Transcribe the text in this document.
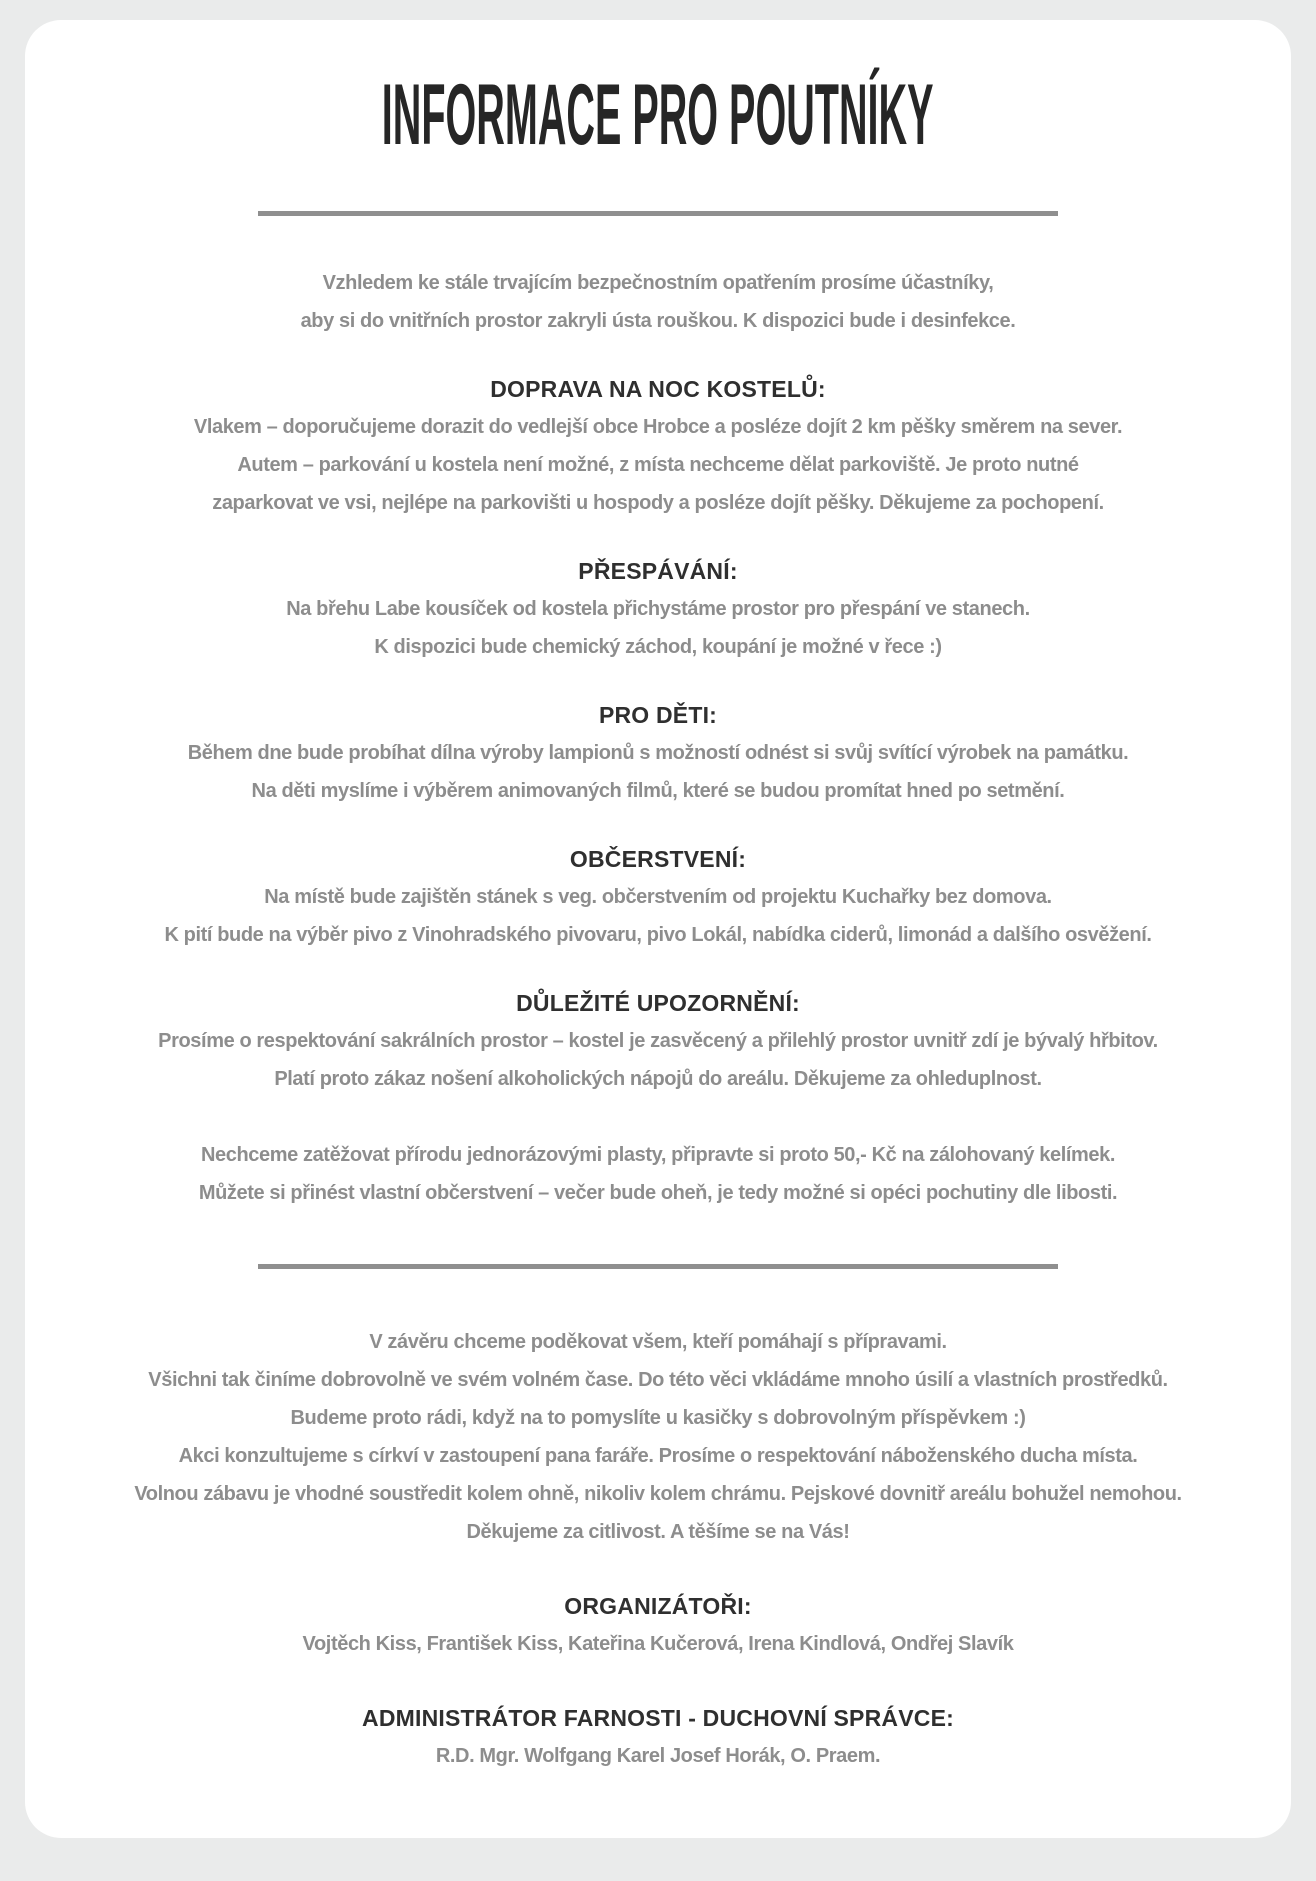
INFORMACE PRO POUTNÍKY
Vzhledem ke stále trvajícím bezpečnostním opatřením prosíme účastníky,
aby si do vnitřních prostor zakryli ústa rouškou. K dispozici bude i desinfekce.
DOPRAVA NA NOC KOSTELŮ:
Vlakem – doporučujeme dorazit do vedlejší obce Hrobce a posléze dojít 2 km pěšky směrem na sever.
Autem – parkování u kostela není možné, z místa nechceme dělat parkoviště. Je proto nutné
zaparkovat ve vsi, nejlépe na parkovišti u hospody a posléze dojít pěšky. Děkujeme za pochopení.
PŘESPÁVÁNÍ:
Na břehu Labe kousíček od kostela přichystáme prostor pro přespání ve stanech.
K dispozici bude chemický záchod, koupání je možné v řece :)
PRO DĚTI:
Během dne bude probíhat dílna výroby lampionů s možností odnést si svůj svítící výrobek na památku.
Na děti myslíme i výběrem animovaných filmů, které se budou promítat hned po setmění.
OBČERSTVENÍ:
Na místě bude zajištěn stánek s veg. občerstvením od projektu Kuchařky bez domova.
K pití bude na výběr pivo z Vinohradského pivovaru, pivo Lokál, nabídka ciderů, limonád a dalšího osvěžení.
DŮLEŽITÉ UPOZORNĚNÍ:
Prosíme o respektování sakrálních prostor – kostel je zasvěcený a přilehlý prostor uvnitř zdí je bývalý hřbitov.
Platí proto zákaz nošení alkoholických nápojů do areálu. Děkujeme za ohleduplnost.
Nechceme zatěžovat přírodu jednorázovými plasty, připravte si proto 50,- Kč na zálohovaný kelímek.
Můžete si přinést vlastní občerstvení – večer bude oheň, je tedy možné si opéci pochutiny dle libosti.
V závěru chceme poděkovat všem, kteří pomáhají s přípravami.
Všichni tak činíme dobrovolně ve svém volném čase. Do této věci vkládáme mnoho úsilí a vlastních prostředků.
Budeme proto rádi, když na to pomyslíte u kasičky s dobrovolným příspěvkem :)
Akci konzultujeme s církví v zastoupení pana faráře. Prosíme o respektování náboženského ducha místa.
Volnou zábavu je vhodné soustředit kolem ohně, nikoliv kolem chrámu. Pejskové dovnitř areálu bohužel nemohou.
Děkujeme za citlivost. A těšíme se na Vás!
ORGANIZÁTOŘI:
Vojtěch Kiss, František Kiss, Kateřina Kučerová, Irena Kindlová, Ondřej Slavík
ADMINISTRÁTOR FARNOSTI - DUCHOVNÍ SPRÁVCE:
R.D. Mgr. Wolfgang Karel Josef Horák, O. Praem.
